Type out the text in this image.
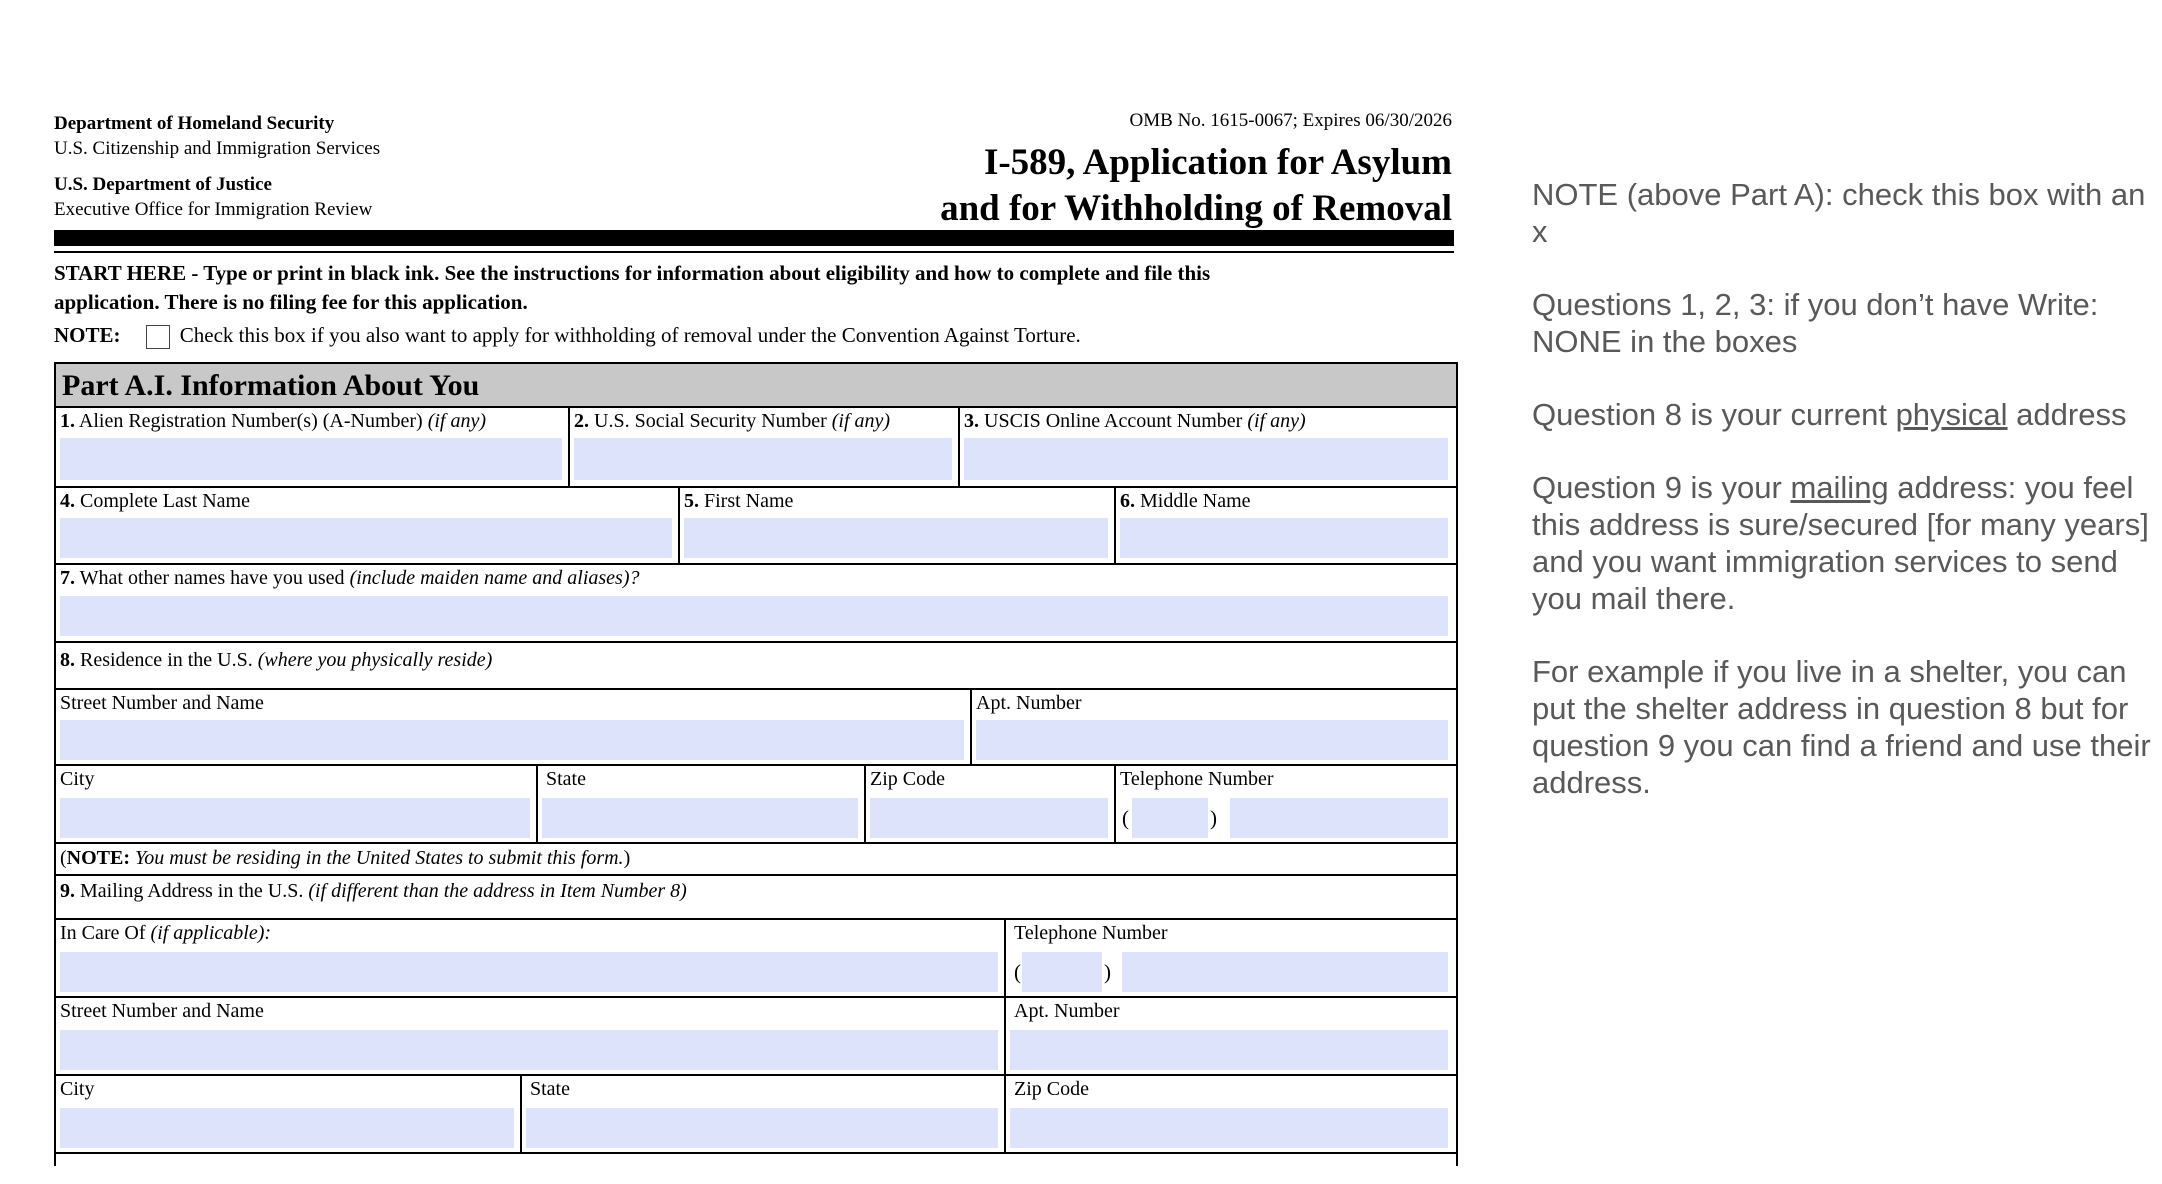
Department of Homeland Security
U.S. Citizenship and Immigration Services
U.S. Department of Justice
Executive Office for Immigration Review
OMB No. 1615-0067; Expires 06/30/2026
I-589, Application for Asylum
and for Withholding of Removal
START HERE - Type or print in black ink. See the instructions for information about eligibility and how to complete and file this
application. There is no filing fee for this application.
NOTE:	Check this box if you also want to apply for withholding of removal under the Convention Against Torture.
Part A.I. Information About You
1. Alien Registration Number(s) (A-Number) (if any)	2. U.S. Social Security Number (if any)	3. USCIS Online Account Number (if any)
4. Complete Last Name	5. First Name	6. Middle Name
7. What other names have you used (include maiden name and aliases)?
8. Residence in the U.S. (where you physically reside)
Street Number and Name	Apt. Number
City	State	Zip Code	Telephone Number
(	)
(NOTE: You must be residing in the United States to submit this form.)
9. Mailing Address in the U.S. (if different than the address in Item Number 8)
In Care Of (if applicable):	Telephone Number
(	)
Street Number and Name	Apt. Number
City	State	Zip Code

NOTE (above Part A): check this box with an x

Questions 1, 2, 3: if you don’t have Write: NONE in the boxes

Question 8 is your current physical address

Question 9 is your mailing address: you feel this address is sure/secured [for many years] and you want immigration services to send you mail there.

For example if you live in a shelter, you can put the shelter address in question 8 but for question 9 you can find a friend and use their address.
